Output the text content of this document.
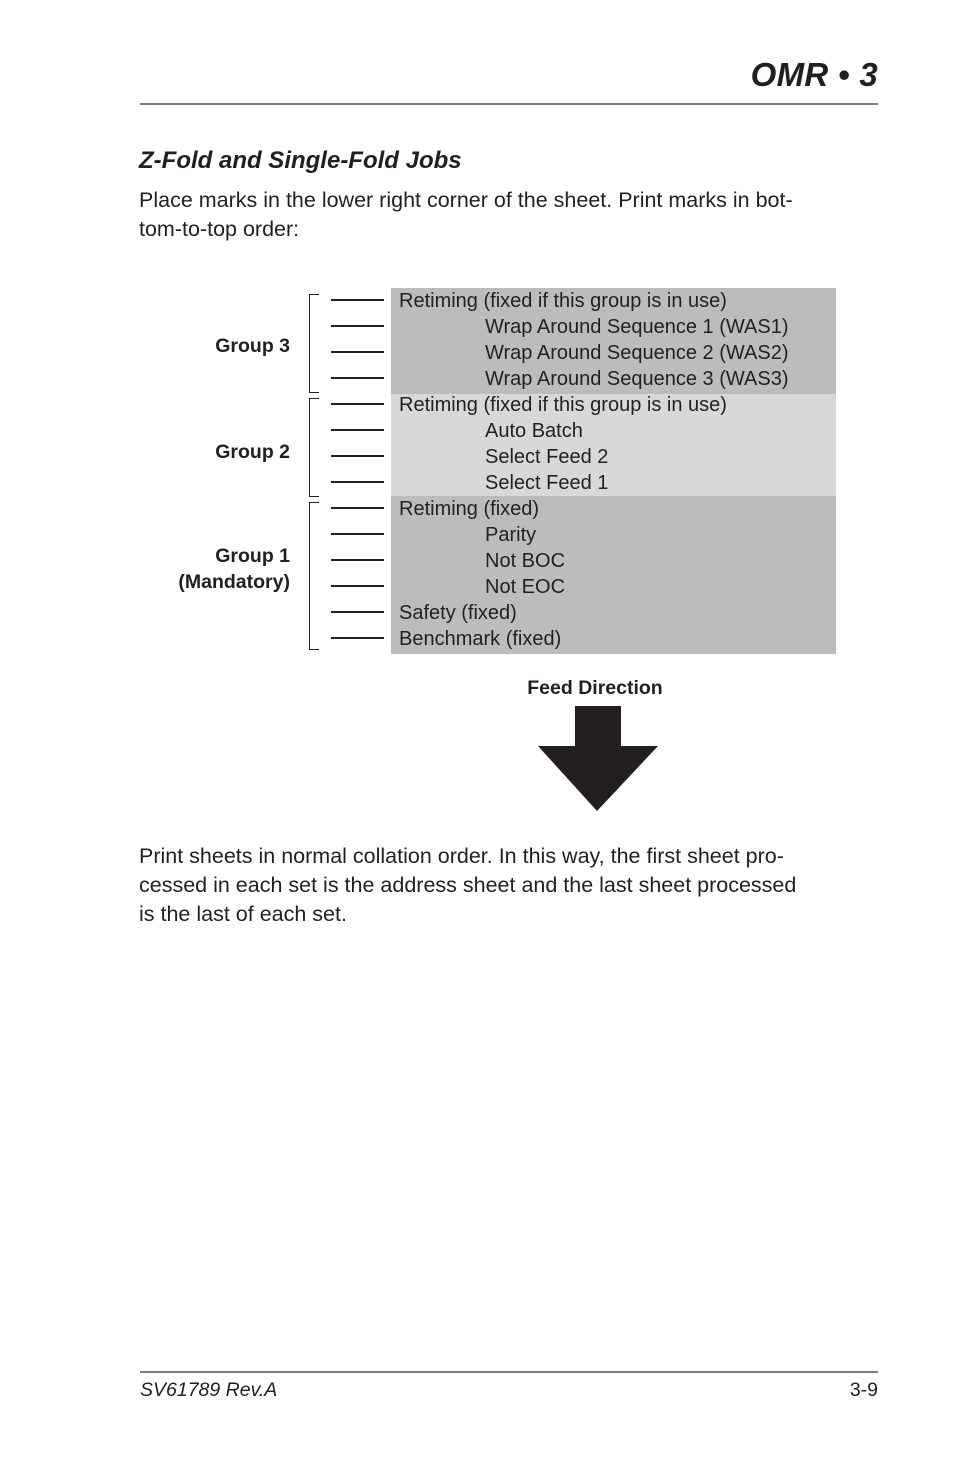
OMR • 3
Z-Fold and Single-Fold Jobs
Place marks in the lower right corner of the sheet. Print marks in bot-
tom-to-top order:
Group 3
Group 2
Group 1
(Mandatory)
Retiming (fixed if this group is in use)
Wrap Around Sequence 1 (WAS1)
Wrap Around Sequence 2 (WAS2)
Wrap Around Sequence 3 (WAS3)
Retiming (fixed if this group is in use)
Auto Batch
Select Feed 2
Select Feed 1
Retiming (fixed)
Parity
Not BOC
Not EOC
Safety (fixed)
Benchmark (fixed)
Feed Direction
Print sheets in normal collation order. In this way, the first sheet pro-
cessed in each set is the address sheet and the last sheet processed
is the last of each set.
SV61789 Rev.A	3-9
